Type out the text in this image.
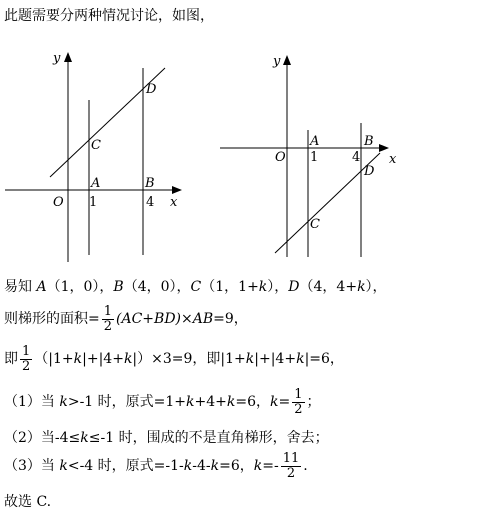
此题需要分两种情况讨论，如图，
y
x
O 1	4
A	B
C
D
y
x
O 1	4
A	B
C
D
易知 A（1，0），B（4，0），C（1，1+k），D（4，4+k），
则梯形的面积= $\frac{1}{2} (AC+BD)\times AB=9$，
即 $\frac{1}{2} (|1+k|+|4+k|)\times 3=9$，即|1+k|+|4+k|=6，
（1）当 k>-1 时，原式=1+k+4+k=6，$k= \frac{1}{2}$ ；
（2）当-4≤k≤-1 时，围成的不是直角梯形，舍去；
（3）当 k<-4 时，原式=-1-k-4-k=6，$k=- \frac{11}{2}$ .
故选 C.
